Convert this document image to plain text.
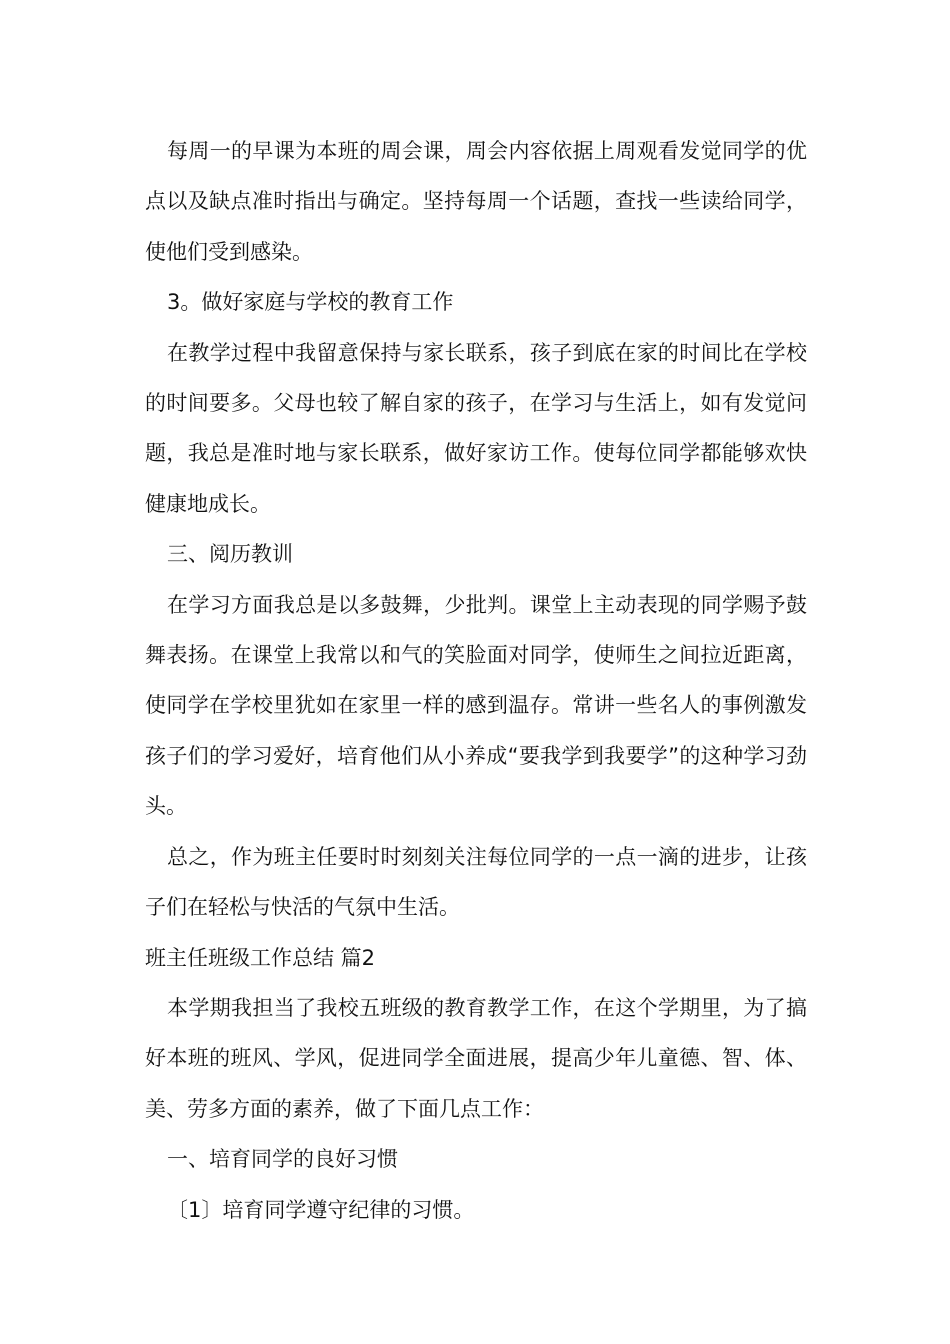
每周一的早课为本班的周会课，周会内容依据上周观看发觉同学的优点以及缺点准时指出与确定。坚持每周一个话题，查找一些读给同学，使他们受到感染。

3。做好家庭与学校的教育工作

在教学过程中我留意保持与家长联系，孩子到底在家的时间比在学校的时间要多。父母也较了解自家的孩子，在学习与生活上，如有发觉问题，我总是准时地与家长联系，做好家访工作。使每位同学都能够欢快健康地成长。

三、阅历教训

在学习方面我总是以多鼓舞，少批判。课堂上主动表现的同学赐予鼓舞表扬。在课堂上我常以和气的笑脸面对同学，使师生之间拉近距离，使同学在学校里犹如在家里一样的感到温存。常讲一些名人的事例激发孩子们的学习爱好，培育他们从小养成“要我学到我要学”的这种学习劲头。

总之，作为班主任要时时刻刻关注每位同学的一点一滴的进步，让孩子们在轻松与快活的气氛中生活。

班主任班级工作总结 篇2

本学期我担当了我校五班级的教育教学工作，在这个学期里，为了搞好本班的班风、学风，促进同学全面进展，提高少年儿童德、智、体、美、劳多方面的素养，做了下面几点工作：

一、培育同学的良好习惯

〔1〕培育同学遵守纪律的习惯。
